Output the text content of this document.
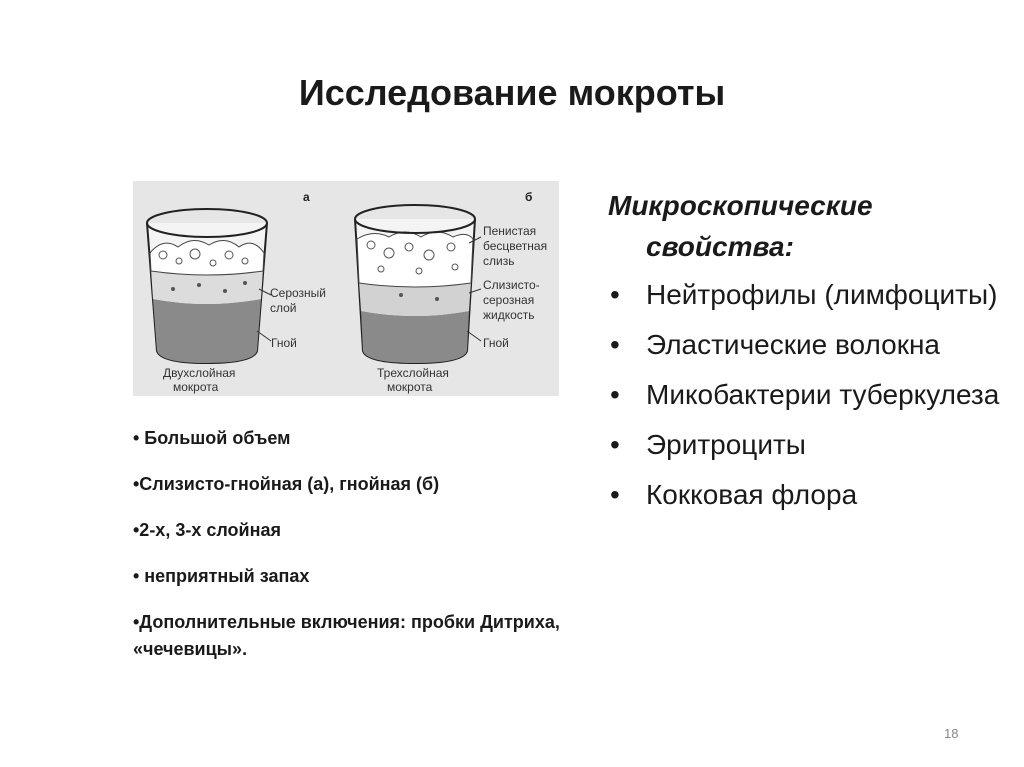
Исследование мокроты
а
Серозный
слой
Гной
Двухслойная
мокрота
б
Пенистая
бесцветная
слизь
Слизисто-
серозная
жидкость
Гной
Трехслойная
мокрота
• Большой объем
•Слизисто-гнойная (а), гнойная (б)
•2-х, 3-х слойная
• неприятный запах
•Дополнительные включения: пробки Дитриха, «чечевицы».
Микроскопические
свойства:
• Нейтрофилы (лимфоциты)
• Эластические волокна
• Микобактерии туберкулеза
• Эритроциты
• Кокковая флора
18
